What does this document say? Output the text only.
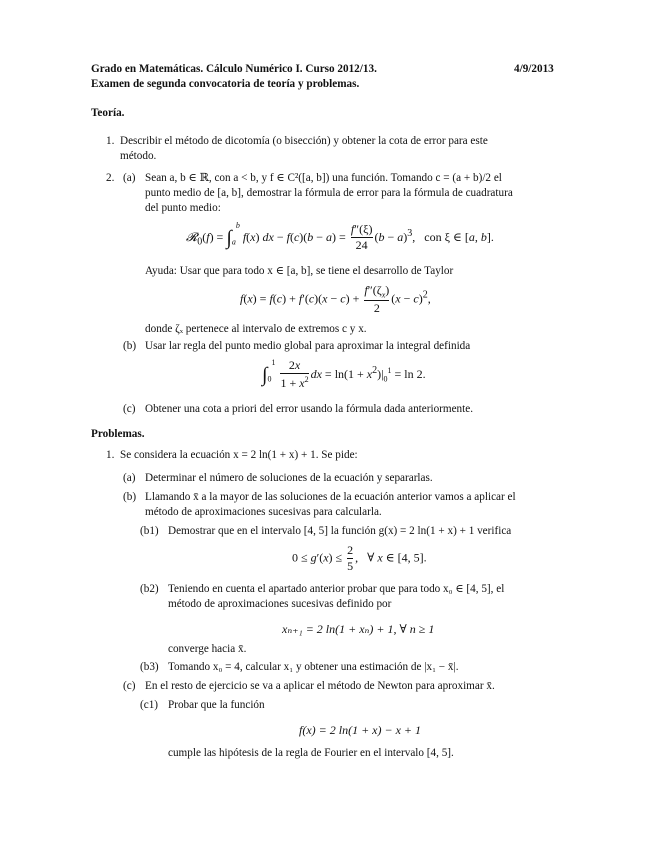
Grado en Matemáticas. Cálculo Numérico I. Curso 2012/13.	4/9/2013
Examen de segunda convocatoria de teoría y problemas.
Teoría.
1. Describir el método de dicotomía (o bisección) y obtener la cota de error para este
método.
2. (a) Sean a, b ∈ ℝ, con a < b, y f ∈ C²([a, b]) una función. Tomando c = (a + b)/2 el
punto medio de [a, b], demostrar la fórmula de error para la fórmula de cuadratura
del punto medio:
𝓡$_0$(f) = $\int_a^b$ f(x) dx − $f(c)(b - a) = \frac{f''(\xi)}{24} (b - a)^3$,   con ξ ∈ [a, b].
Ayuda: Usar que para todo x ∈ [a, b], se tiene el desarrollo de Taylor
$f(x) = f(c) + f'(c)(x - c) + \frac{f''(\zeta_x)}{2} (x - c)^2$,
donde ζₓ pertenece al intervalo de extremos c y x.
(b) Usar lar regla del punto medio global para aproximar la integral definida
$\int_0^1 \frac{2x}{1 + x^2}$ dx = $\ln(1 + x^2)|_0^1 = \ln 2$.
(c) Obtener una cota a priori del error usando la fórmula dada anteriormente.
Problemas.
1. Se considera la ecuación x = 2 ln(1 + x) + 1. Se pide:
(a) Determinar el número de soluciones de la ecuación y separarlas.
(b) Llamando x̄ a la mayor de las soluciones de la ecuación anterior vamos a aplicar el
método de aproximaciones sucesivas para calcularla.
(b1) Demostrar que en el intervalo [4, 5] la función g(x) = 2 ln(1 + x) + 1 verifica
$0 \le g'(x) \le \frac{2}{5}$ ,   ∀ x ∈ [4, 5].
(b2) Teniendo en cuenta el apartado anterior probar que para todo x₀ ∈ [4, 5], el
método de aproximaciones sucesivas definido por
xₙ₊₁ = 2 ln(1 + xₙ) + 1, ∀ n ≥ 1
converge hacia x̄.
(b3) Tomando x₀ = 4, calcular x₁ y obtener una estimación de |x₁ − x̄|.
(c) En el resto de ejercicio se va a aplicar el método de Newton para aproximar x̄.
(c1) Probar que la función
f(x) = 2 ln(1 + x) − x + 1
cumple las hipótesis de la regla de Fourier en el intervalo [4, 5].
